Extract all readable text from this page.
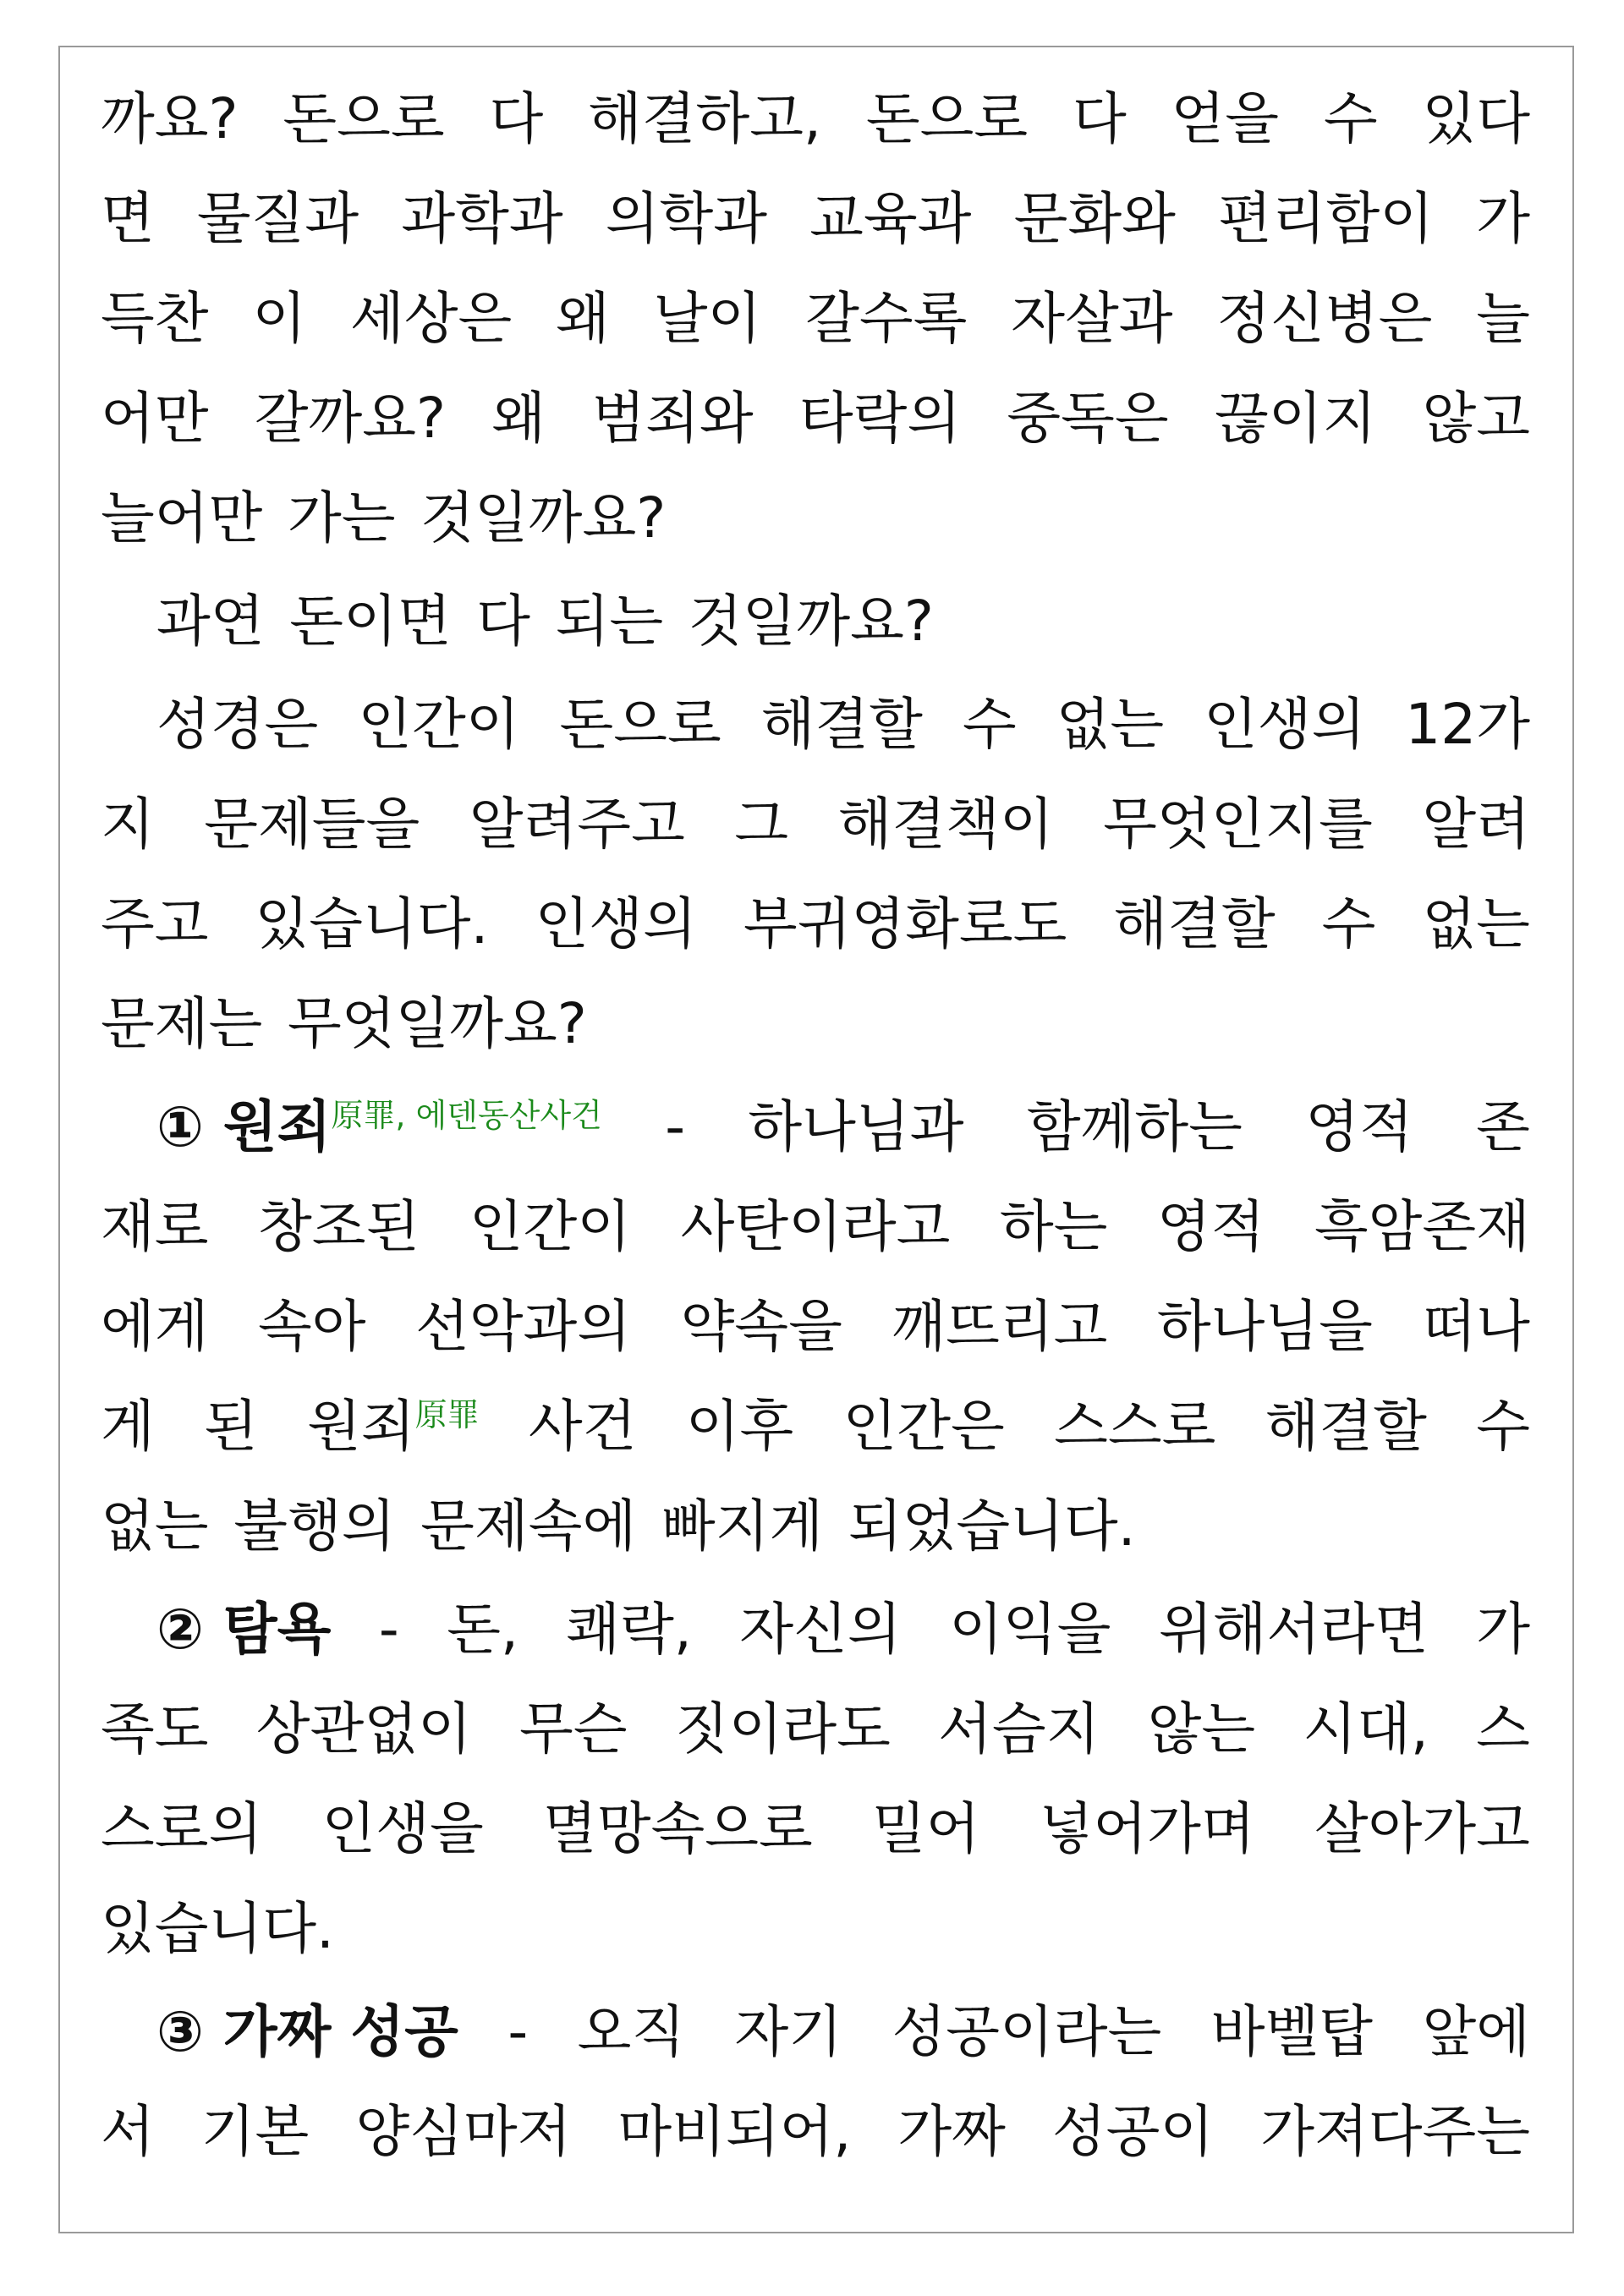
까요? 돈으로 다 해결하고, 돈으로 다 얻을 수 있다
면 물질과 과학과 의학과 교육과 문화와 편리함이 가
득찬 이 세상은 왜 날이 갈수록 자살과 정신병은 늘
어만 갈까요? 왜 범죄와 타락의 중독은 끊이지 않고
늘어만 가는 것일까요?
과연 돈이면 다 되는 것일까요?
성경은 인간이 돈으로 해결할 수 없는 인생의 12가
지 문제들을 알려주고 그 해결책이 무엇인지를 알려
주고 있습니다. 인생의 부귀영화로도 해결할 수 없는
문제는 무엇일까요?
① 원죄$^{原罪, 에덴동산사건}$ - 하나님과 함께하는 영적 존
재로 창조된 인간이 사탄이라고 하는 영적 흑암존재
에게 속아 선악과의 약속을 깨뜨리고 하나님을 떠나
게 된 원죄$^{原罪}$ 사건 이후 인간은 스스로 해결할 수
없는 불행의 문제속에 빠지게 되었습니다.
② 탐욕 - 돈, 쾌락, 자신의 이익을 위해서라면 가
족도 상관없이 무슨 짓이라도 서슴지 않는 시대, 스
스로의 인생을 멸망속으로 밀어 넣어가며 살아가고
있습니다.
③ 가짜 성공 - 오직 자기 성공이라는 바벨탑 앞에
서 기본 양심마저 마비되어, 가짜 성공이 가져다주는
